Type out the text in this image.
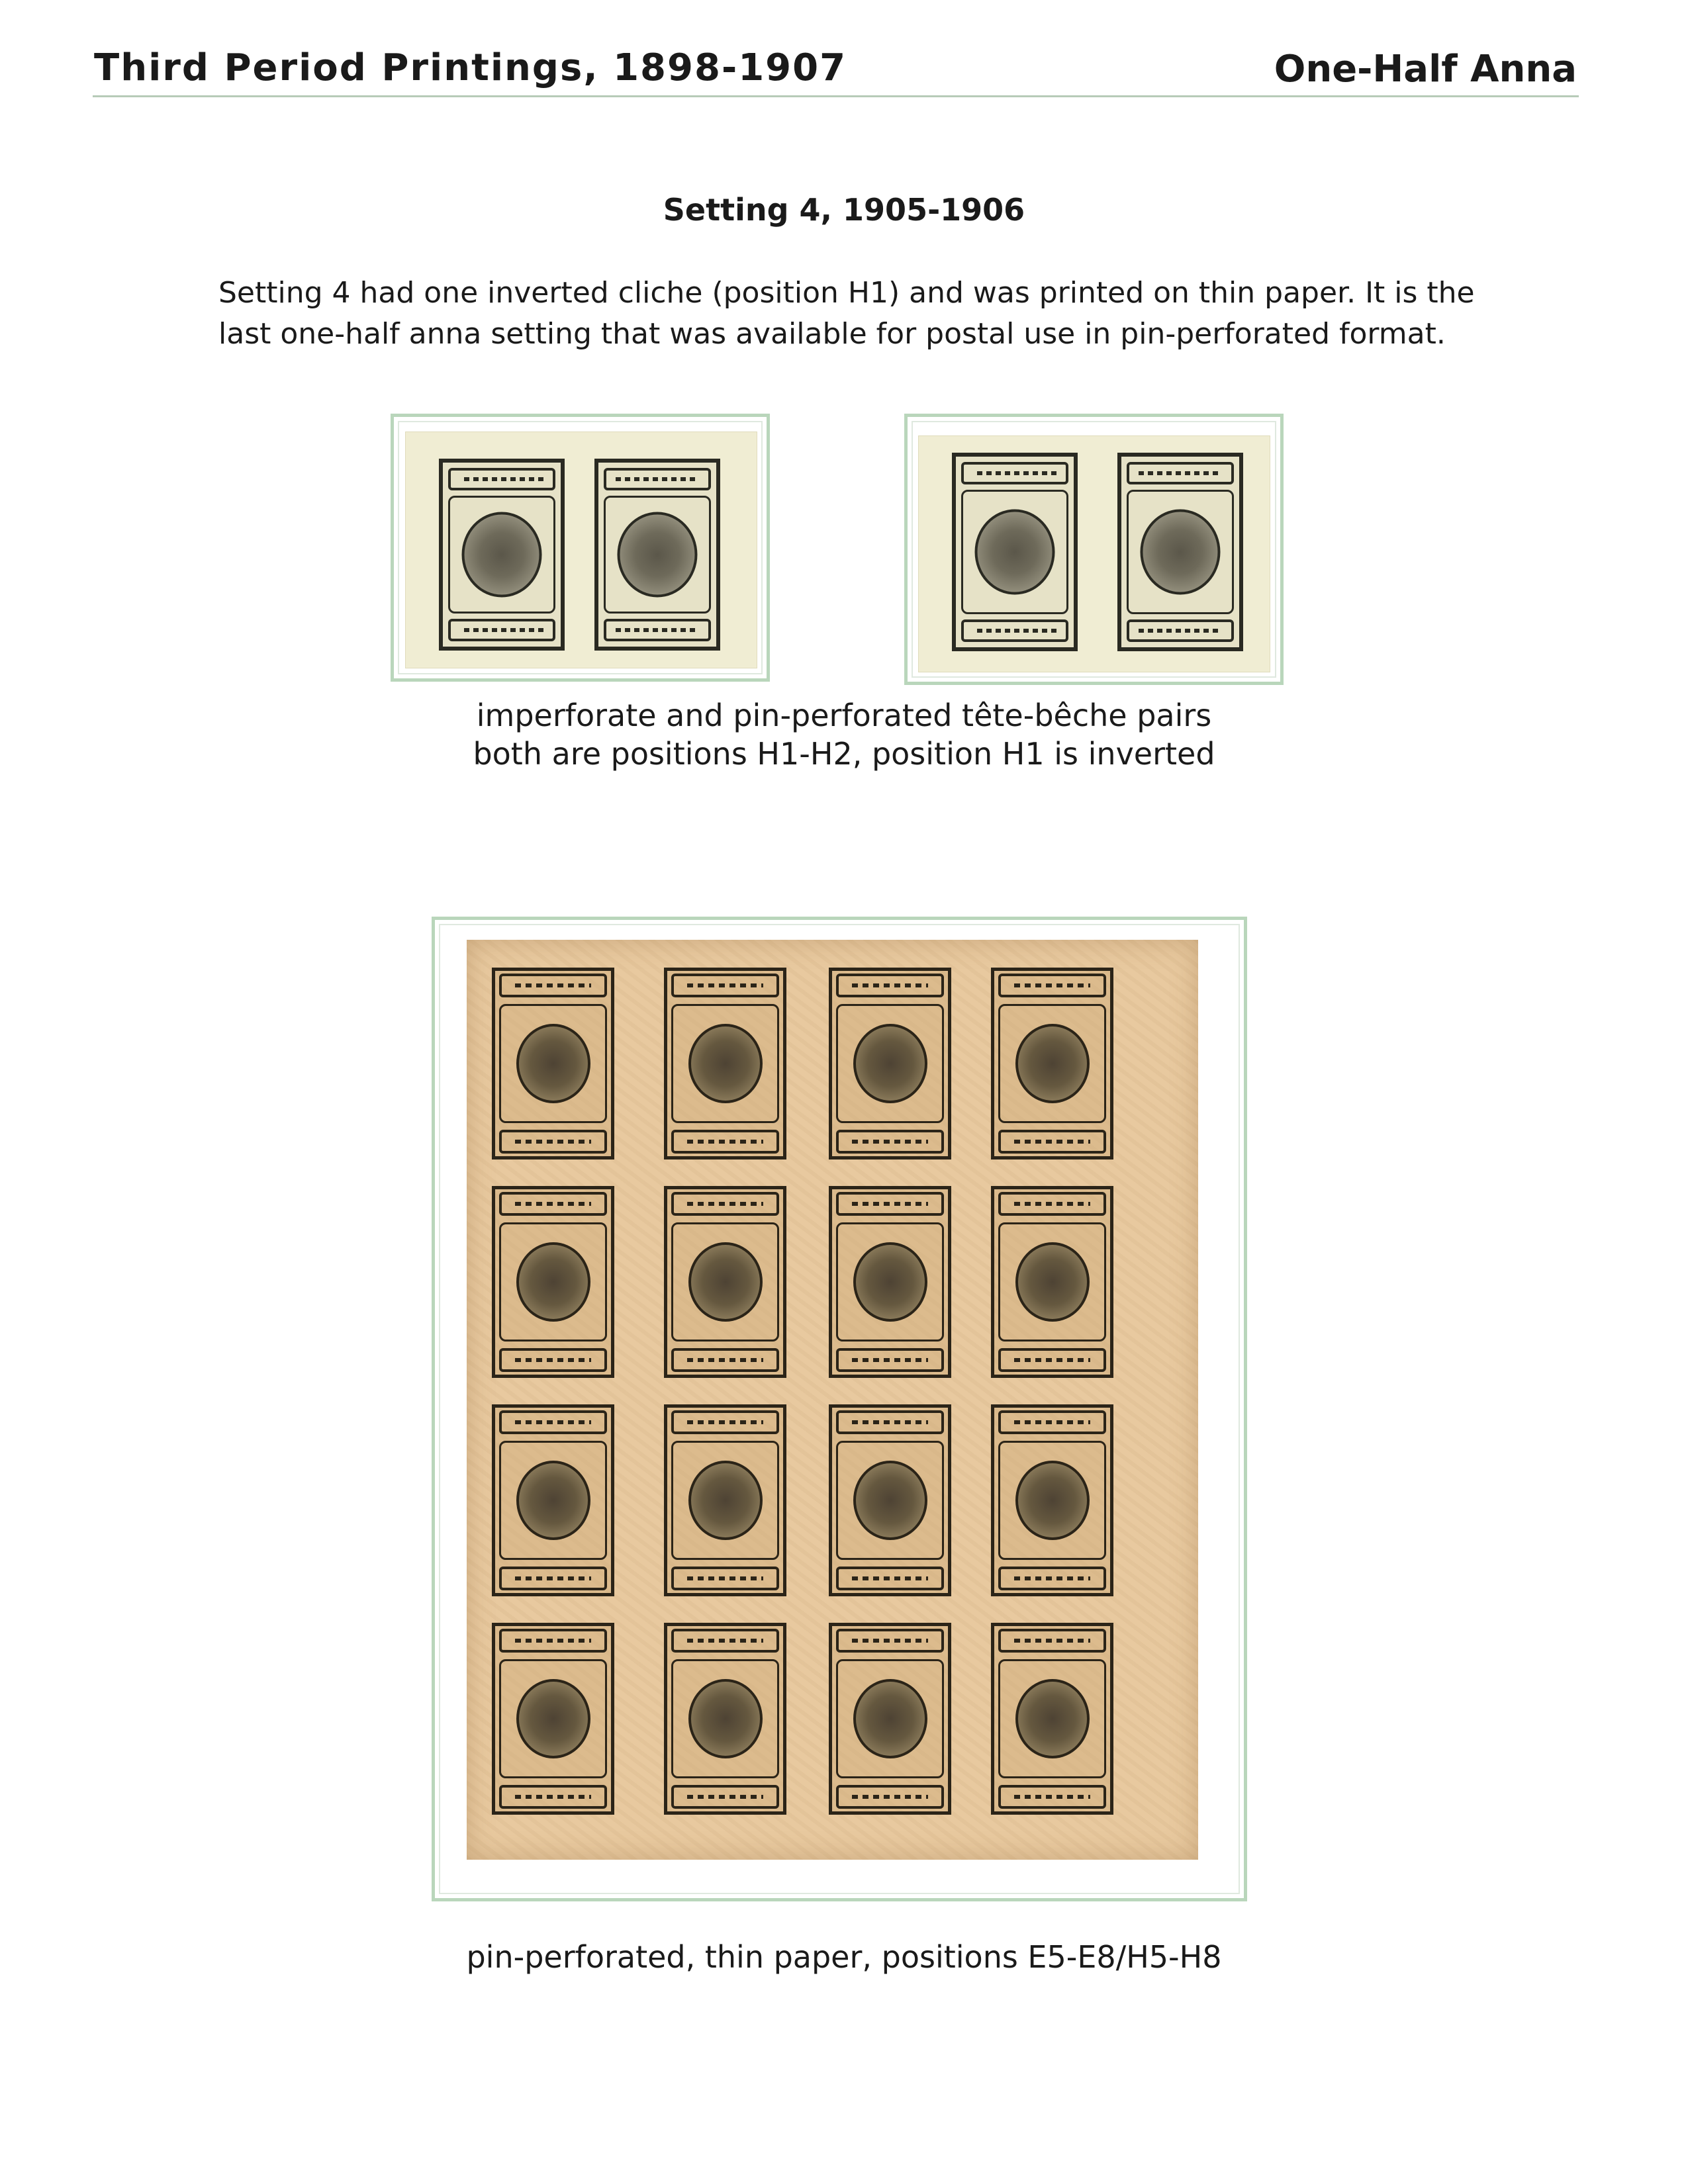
Third Period Printings, 1898-1907	One-Half Anna
Setting 4, 1905-1906
Setting 4 had one inverted cliche (position H1) and was printed on thin paper. It is the
last one-half anna setting that was available for postal use in pin-perforated format.
imperforate and pin-perforated tête-bêche pairs
both are positions H1-H2, position H1 is inverted
pin-perforated, thin paper, positions E5-E8/H5-H8
